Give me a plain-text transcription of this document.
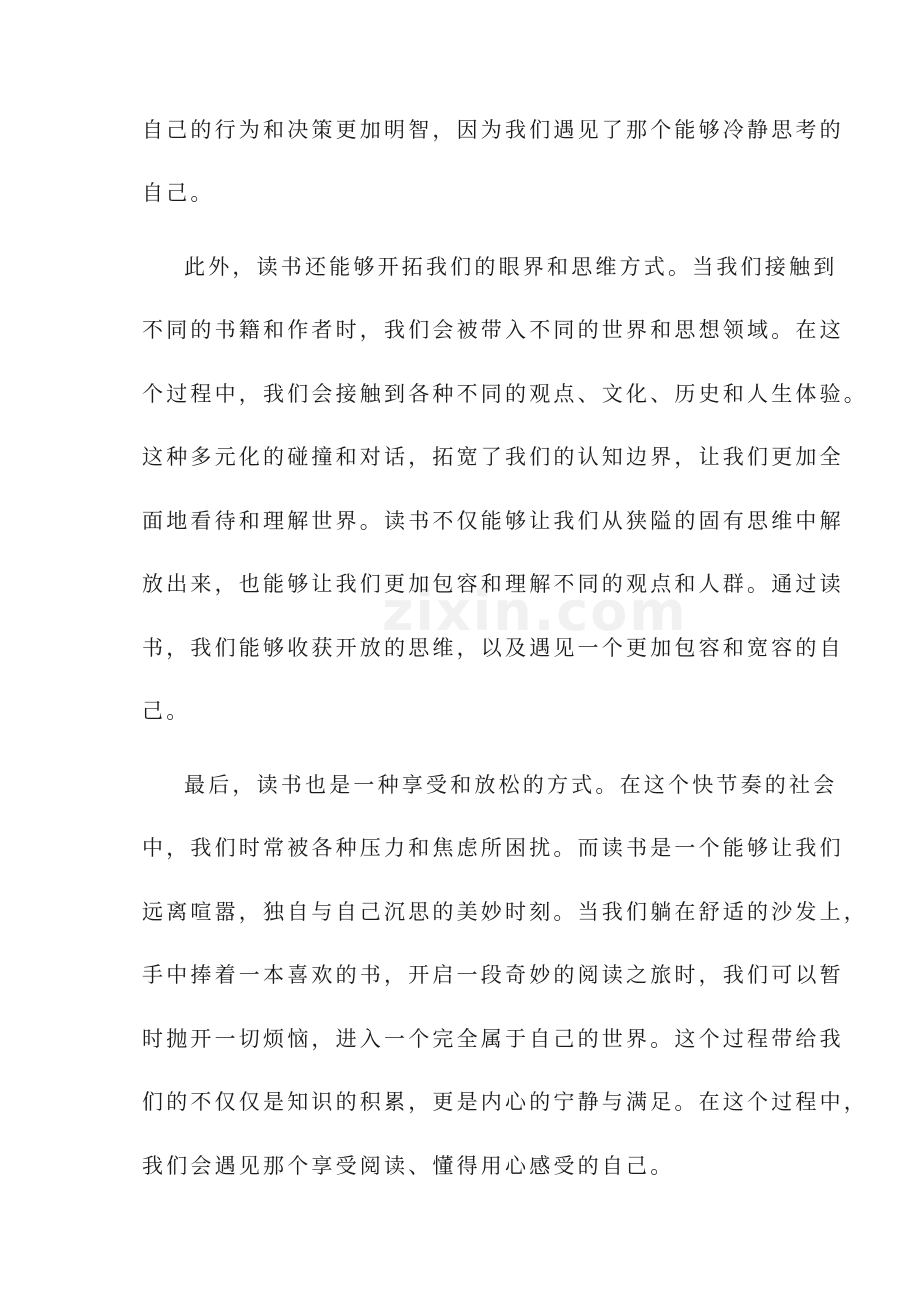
zixin.com
自己的行为和决策更加明智，因为我们遇见了那个能够冷静思考的
自己。
此外，读书还能够开拓我们的眼界和思维方式。当我们接触到
不同的书籍和作者时，我们会被带入不同的世界和思想领域。在这
个过程中，我们会接触到各种不同的观点、文化、历史和人生体验。
这种多元化的碰撞和对话，拓宽了我们的认知边界，让我们更加全
面地看待和理解世界。读书不仅能够让我们从狭隘的固有思维中解
放出来，也能够让我们更加包容和理解不同的观点和人群。通过读
书，我们能够收获开放的思维，以及遇见一个更加包容和宽容的自
己。
最后，读书也是一种享受和放松的方式。在这个快节奏的社会
中，我们时常被各种压力和焦虑所困扰。而读书是一个能够让我们
远离喧嚣，独自与自己沉思的美妙时刻。当我们躺在舒适的沙发上，
手中捧着一本喜欢的书，开启一段奇妙的阅读之旅时，我们可以暂
时抛开一切烦恼，进入一个完全属于自己的世界。这个过程带给我
们的不仅仅是知识的积累，更是内心的宁静与满足。在这个过程中，
我们会遇见那个享受阅读、懂得用心感受的自己。
